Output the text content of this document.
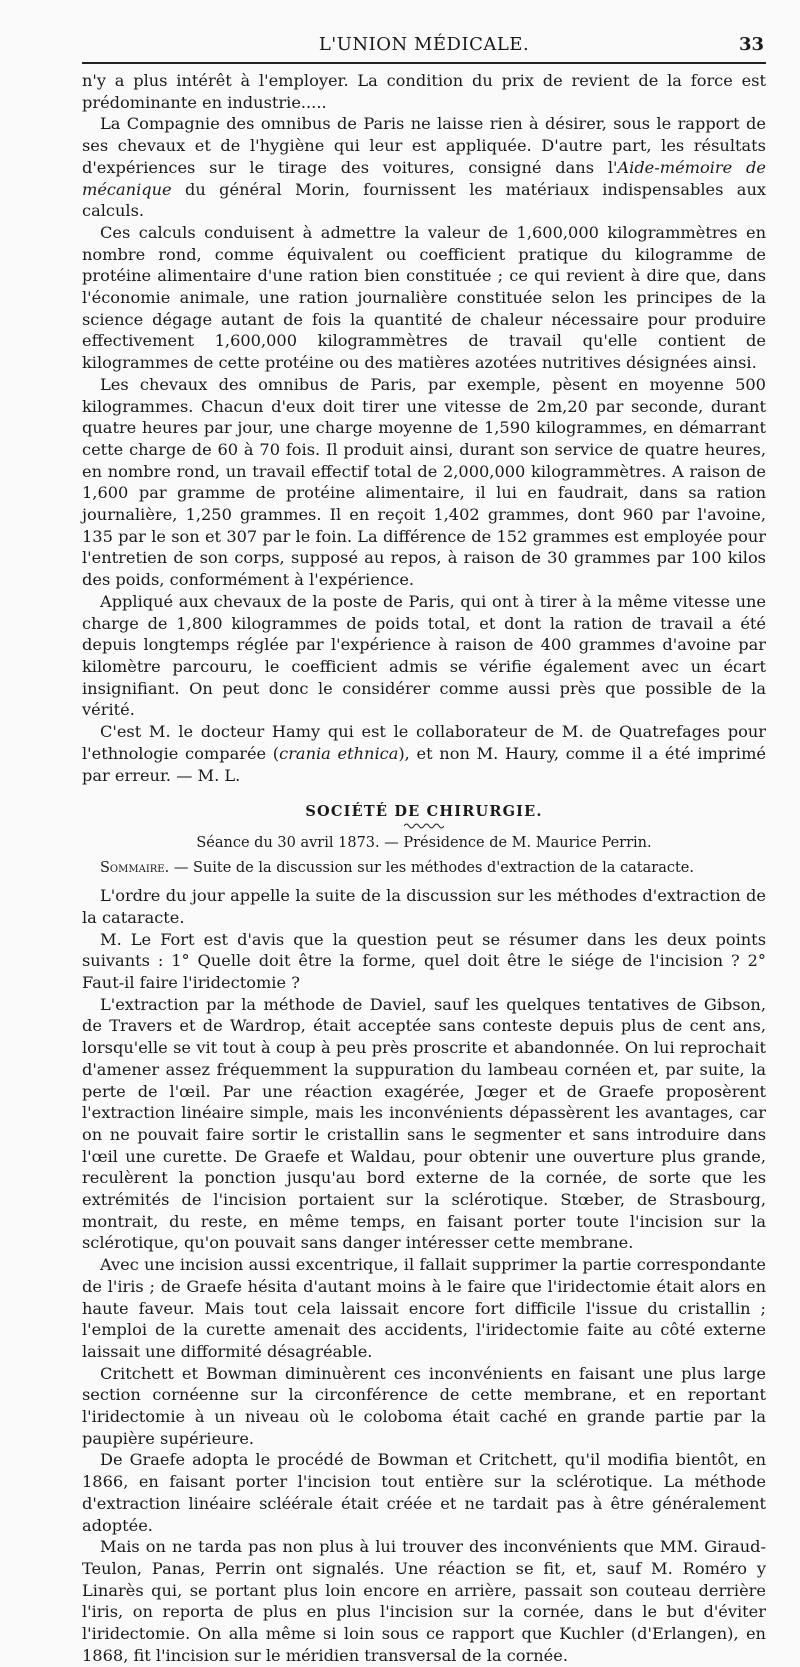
L'UNION MÉDICALE.	33

n'y a plus intérêt à l'employer. La condition du prix de revient de la force est prédominante en industrie.....

La Compagnie des omnibus de Paris ne laisse rien à désirer, sous le rapport de ses chevaux et de l'hygiène qui leur est appliquée. D'autre part, les résultats d'expériences sur le tirage des voitures, consigné dans l'Aide-mémoire de mécanique du général Morin, fournissent les matériaux indispensables aux calculs.

Ces calculs conduisent à admettre la valeur de 1,600,000 kilogrammètres en nombre rond, comme équivalent ou coefficient pratique du kilogramme de protéine alimentaire d'une ration bien constituée ; ce qui revient à dire que, dans l'économie animale, une ration journalière constituée selon les principes de la science dégage autant de fois la quantité de chaleur nécessaire pour produire effectivement 1,600,000 kilogrammètres de travail qu'elle contient de kilogrammes de cette protéine ou des matières azotées nutritives désignées ainsi.

Les chevaux des omnibus de Paris, par exemple, pèsent en moyenne 500 kilogrammes. Chacun d'eux doit tirer une vitesse de 2m,20 par seconde, durant quatre heures par jour, une charge moyenne de 1,590 kilogrammes, en démarrant cette charge de 60 à 70 fois. Il produit ainsi, durant son service de quatre heures, en nombre rond, un travail effectif total de 2,000,000 kilogrammètres. A raison de 1,600 par gramme de protéine alimentaire, il lui en faudrait, dans sa ration journalière, 1,250 grammes. Il en reçoit 1,402 grammes, dont 960 par l'avoine, 135 par le son et 307 par le foin. La différence de 152 grammes est employée pour l'entretien de son corps, supposé au repos, à raison de 30 grammes par 100 kilos des poids, conformément à l'expérience.

Appliqué aux chevaux de la poste de Paris, qui ont à tirer à la même vitesse une charge de 1,800 kilogrammes de poids total, et dont la ration de travail a été depuis longtemps réglée par l'expérience à raison de 400 grammes d'avoine par kilomètre parcouru, le coefficient admis se vérifie également avec un écart insignifiant. On peut donc le considérer comme aussi près que possible de la vérité.

C'est M. le docteur Hamy qui est le collaborateur de M. de Quatrefages pour l'ethnologie comparée (crania ethnica), et non M. Haury, comme il a été imprimé par erreur. — M. L.

SOCIÉTÉ DE CHIRURGIE.
Séance du 30 avril 1873. — Présidence de M. Maurice Perrin.
Sommaire. — Suite de la discussion sur les méthodes d'extraction de la cataracte.

L'ordre du jour appelle la suite de la discussion sur les méthodes d'extraction de la cataracte.

M. Le Fort est d'avis que la question peut se résumer dans les deux points suivants : 1° Quelle doit être la forme, quel doit être le siége de l'incision ? 2° Faut-il faire l'iridectomie ?

L'extraction par la méthode de Daviel, sauf les quelques tentatives de Gibson, de Travers et de Wardrop, était acceptée sans conteste depuis plus de cent ans, lorsqu'elle se vit tout à coup à peu près proscrite et abandonnée. On lui reprochait d'amener assez fréquemment la suppuration du lambeau cornéen et, par suite, la perte de l'œil. Par une réaction exagérée, Jœger et de Graefe proposèrent l'extraction linéaire simple, mais les inconvénients dépassèrent les avantages, car on ne pouvait faire sortir le cristallin sans le segmenter et sans introduire dans l'œil une curette. De Graefe et Waldau, pour obtenir une ouverture plus grande, reculèrent la ponction jusqu'au bord externe de la cornée, de sorte que les extrémités de l'incision portaient sur la sclérotique. Stœber, de Strasbourg, montrait, du reste, en même temps, en faisant porter toute l'incision sur la sclérotique, qu'on pouvait sans danger intéresser cette membrane.

Avec une incision aussi excentrique, il fallait supprimer la partie correspondante de l'iris ; de Graefe hésita d'autant moins à le faire que l'iridectomie était alors en haute faveur. Mais tout cela laissait encore fort difficile l'issue du cristallin ; l'emploi de la curette amenait des accidents, l'iridectomie faite au côté externe laissait une difformité désagréable.

Critchett et Bowman diminuèrent ces inconvénients en faisant une plus large section cornéenne sur la circonférence de cette membrane, et en reportant l'iridectomie à un niveau où le coloboma était caché en grande partie par la paupière supérieure.

De Graefe adopta le procédé de Bowman et Critchett, qu'il modifia bientôt, en 1866, en faisant porter l'incision tout entière sur la sclérotique. La méthode d'extraction linéaire scléérale était créée et ne tardait pas à être généralement adoptée.

Mais on ne tarda pas non plus à lui trouver des inconvénients que MM. Giraud-Teulon, Panas, Perrin ont signalés. Une réaction se fit, et, sauf M. Roméro y Linarès qui, se portant plus loin encore en arrière, passait son couteau derrière l'iris, on reporta de plus en plus l'incision sur la cornée, dans le but d'éviter l'iridectomie. On alla même si loin sous ce rapport que Kuchler (d'Erlangen), en 1868, fit l'incision sur le méridien transversal de la cornée.
